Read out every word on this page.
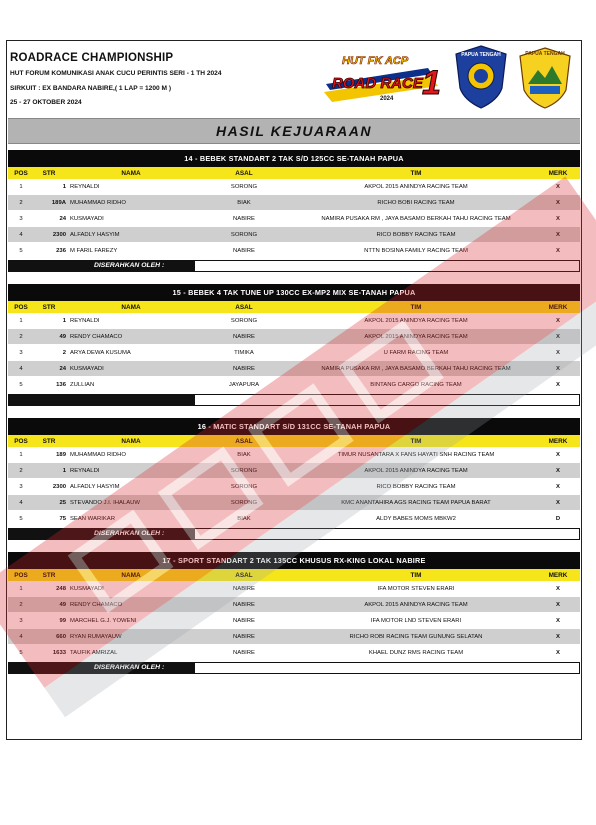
ROADRACE CHAMPIONSHIP
HUT FORUM KOMUNIKASI ANAK CUCU PERINTIS SERI - 1 TH 2024
SIRKUIT : EX BANDARA NABIRE,( 1 LAP = 1200 M )
25 - 27 OKTOBER 2024
HUT FK ACP
ROAD RACE 1
2024
PAPUA TENGAH	PAPUA TENGAH
HASIL KEJUARAAN
14 - BEBEK STANDART 2 TAK S/D 125CC SE-TANAH PAPUA
POS	STR	NAMA	ASAL	TIM	MERK
1	1 REYNALDI	SORONG	AKPOL 2015 ANINDYA RACING TEAM	X
2	189A MUHAMMAD RIDHO	BIAK	RICHO BOBI RACING TEAM	X
3	24 KUSMAYADI	NABIRE	NAMIRA PUSAKA RM , JAYA BASAMO BERKAH TAHU RACING TEAM	X
4	2300 ALFADLY HASYIM	SORONG	RICO BOBBY RACING TEAM	X
5	236 M FARIL FAREZY	NABIRE	NTTN BOSINA FAMILY RACING TEAM	X
DISERAHKAN OLEH :
15 - BEBEK 4 TAK TUNE UP 130CC EX-MP2 MIX SE-TANAH PAPUA
POS	STR	NAMA	ASAL	TIM	MERK
1	1 REYNALDI	SORONG	AKPOL 2015 ANINDYA RACING TEAM	X
2	49 RENDY CHAMACO	NABIRE	AKPOL 2015 ANINDYA RACING TEAM	X
3	2 ARYA DEWA KUSUMA	TIMIKA	U FARM RACING TEAM	X
4	24 KUSMAYADI	NABIRE	NAMIRA PUSAKA RM , JAYA BASAMO BERKAH TAHU RACING TEAM	X
5	136 ZULLIAN	JAYAPURA	BINTANG CARGO RACING TEAM	X
16 - MATIC STANDART S/D 131CC SE-TANAH PAPUA
POS	STR	NAMA	ASAL	TIM	MERK
1	189 MUHAMMAD RIDHO	BIAK	TIMUR NUSANTARA X FANS HAYATI SNH RACING TEAM	X
2	1 REYNALDI	SORONG	AKPOL 2015 ANINDYA RACING TEAM	X
3	2300 ALFADLY HASYIM	SORONG	RICO BOBBY RACING TEAM	X
4	25 STEVANDO J.I. IHALAUW	SORONG	KMC ANANTAHIRA AGS RACING TEAM PAPUA BARAT	X
5	75 SEAN WARIKAR	BIAK	ALDY BABES MOMS MBKW2	D
DISERAHKAN OLEH :
17 - SPORT STANDART 2 TAK 135CC KHUSUS RX-KING LOKAL NABIRE
POS	STR	NAMA	ASAL	TIM	MERK
1	248 KUSMAYADI	NABIRE	IFA MOTOR STEVEN ERARI	X
2	49 RENDY CHAMACO	NABIRE	AKPOL 2015 ANINDYA RACING TEAM	X
3	99 MARCHEL G.J. YOWENI	NABIRE	IFA MOTOR LND STEVEN ERARI	X
4	660 RYAN RUMAYAUW	NABIRE	RICHO ROBI RACING TEAM GUNUNG SELATAN	X
5	1633 TAUFIK AMRIZAL	NABIRE	KHAEL DUNZ RMS RACING TEAM	X
DISERAHKAN OLEH :
